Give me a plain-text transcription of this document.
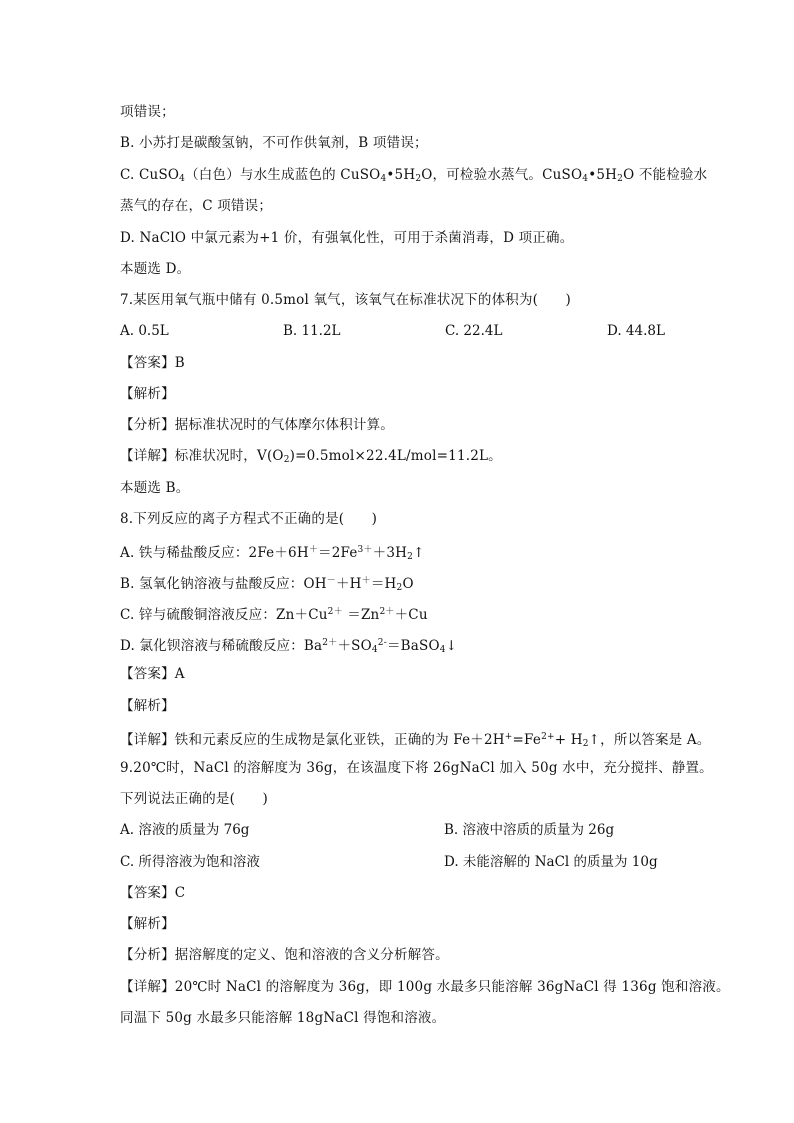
项错误；
B. 小苏打是碳酸氢钠，不可作供氧剂，B 项错误；
C. CuSO$_4$（白色）与水生成蓝色的 $CuSO_4•5H_2O$，可检验水蒸气。$CuSO_4•5H_2O$ 不能检验水
蒸气的存在，C 项错误；
D. NaClO 中氯元素为+1 价，有强氧化性，可用于杀菌消毒，D 项正确。
本题选 D。
7.某医用氧气瓶中储有 0.5mol 氧气，该氧气在标准状况下的体积为(　　)
A. 0.5L	B. 11.2L	C. 22.4L	D. 44.8L
【答案】B
【解析】
【分析】据标准状况时的气体摩尔体积计算。
【详解】标准状况时，$V(O_2)=0.5mol\times 22.4L/mol=11.2L$。
本题选 B。
8.下列反应的离子方程式不正确的是(　　)
A. 铁与稀盐酸反应：$2Fe+6H^+=2Fe^{3+}+3H_2↑$
B. 氢氧化钠溶液与盐酸反应：$OH^-+H^+=H_2O$
C. 锌与硫酸铜溶液反应：$Zn+Cu^{2+} =Zn^{2+}+Cu$
D. 氯化钡溶液与稀硫酸反应：$Ba^{2+}+SO_4^{2-}=BaSO_4↓$
【答案】A
【解析】
【详解】铁和元素反应的生成物是氯化亚铁，正确的为 $Fe+2H^+=Fe^{2+}+$ $H_2↑$，所以答案是 A。
9.20℃时，NaCl 的溶解度为 36g，在该温度下将 26gNaCl 加入 50g 水中，充分搅拌、静置。
下列说法正确的是(　　)
A. 溶液的质量为 76g	B. 溶液中溶质的质量为 26g
C. 所得溶液为饱和溶液	D. 未能溶解的 NaCl 的质量为 10g
【答案】C
【解析】
【分析】据溶解度的定义、饱和溶液的含义分析解答。
【详解】20℃时 NaCl 的溶解度为 36g，即 100g 水最多只能溶解 36gNaCl 得 136g 饱和溶液。
同温下 50g 水最多只能溶解 18gNaCl 得饱和溶液。
